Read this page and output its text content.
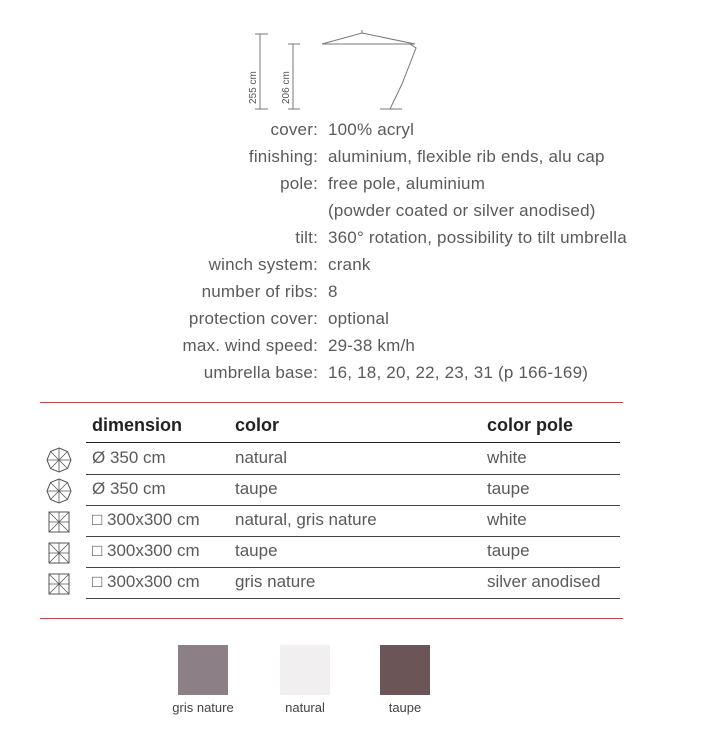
255 cm 206 cm
cover: 100% acryl
finishing: aluminium, flexible rib ends, alu cap
pole: free pole, aluminium
(powder coated or silver anodised)
tilt: 360° rotation, possibility to tilt umbrella
winch system: crank
number of ribs: 8
protection cover: optional
max. wind speed: 29-38 km/h
umbrella base: 16, 18, 20, 22, 23, 31 (p 166-169)
dimension	color	color pole
Ø 350 cm	natural	white
Ø 350 cm	taupe	taupe
□ 300x300 cm natural, gris nature	white
□ 300x300 cm taupe	taupe
□ 300x300 cm gris nature	silver anodised
gris nature	natural	taupe
